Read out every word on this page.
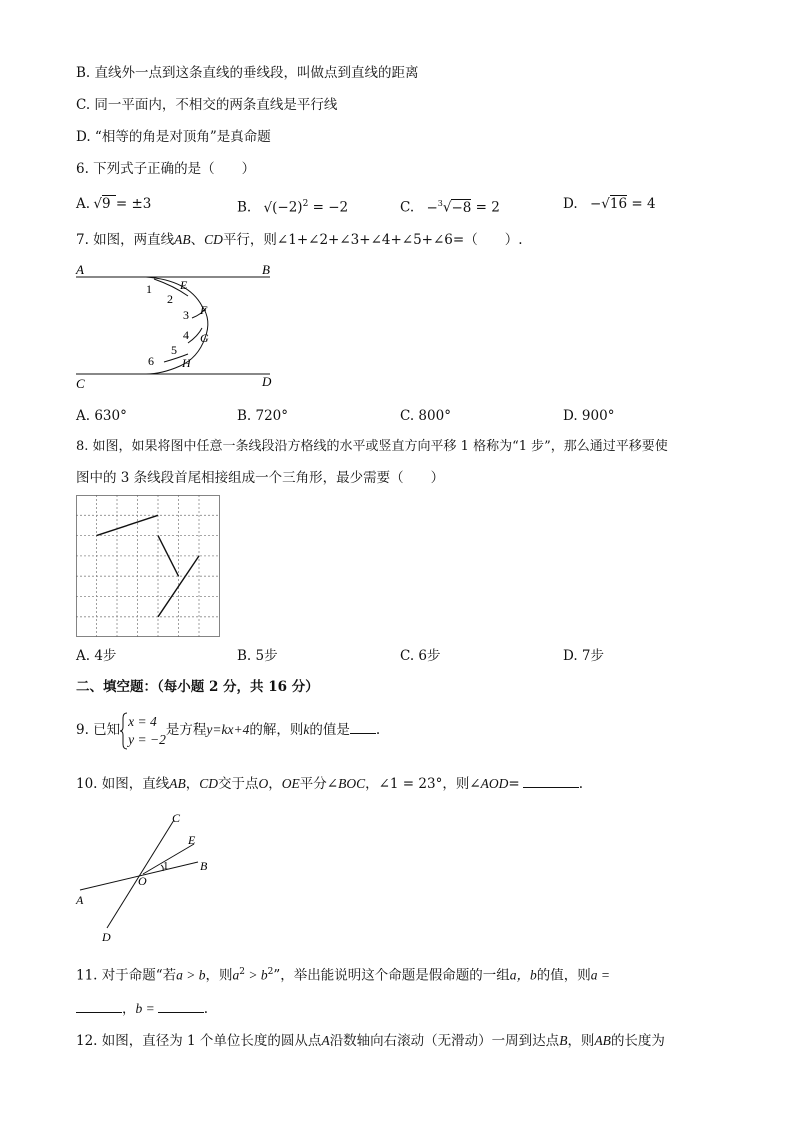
B. 直线外一点到这条直线的垂线段，叫做点到直线的距离
C. 同一平面内，不相交的两条直线是平行线
D. “相等的角是对顶角”是真命题
6. 下列式子正确的是（　　）
A. √9 = ±3	B. $√(-2)^2 = -2$	C. −$^3$√−8 = 2	D. −√16 = 4
7. 如图，两直线AB、CD平行，则∠1+∠2+∠3+∠4+∠5+∠6=（　　）.
A	B
C	D
E
F
G
H
1
2
3
4
5
6
A. 630°	B. 720°	C. 800°	D. 900°
8. 如图，如果将图中任意一条线段沿方格线的水平或竖直方向平移 1 格称为“1 步”，那么通过平移要使
图中的 3 条线段首尾相接组成一个三角形，最少需要（　　）
A. 4步	B. 5步	C. 6步	D. 7步
二、填空题：（每小题 2 分，共 16 分）
9. 已知
x = 4
y = −2
是方程y=kx+4的解，则k的值是 .
10. 如图，直线AB，CD交于点O，OE平分∠BOC，∠1 = 23°，则∠AOD=	.
C
E
B
O
A
D
1
11. 对于命题“若a > b，则$a^2 > b^2$”，举出能说明这个命题是假命题的一组a，b的值，则a =
，b =	.
12. 如图，直径为 1 个单位长度的圆从点A沿数轴向右滚动（无滑动）一周到达点B，则AB的长度为
